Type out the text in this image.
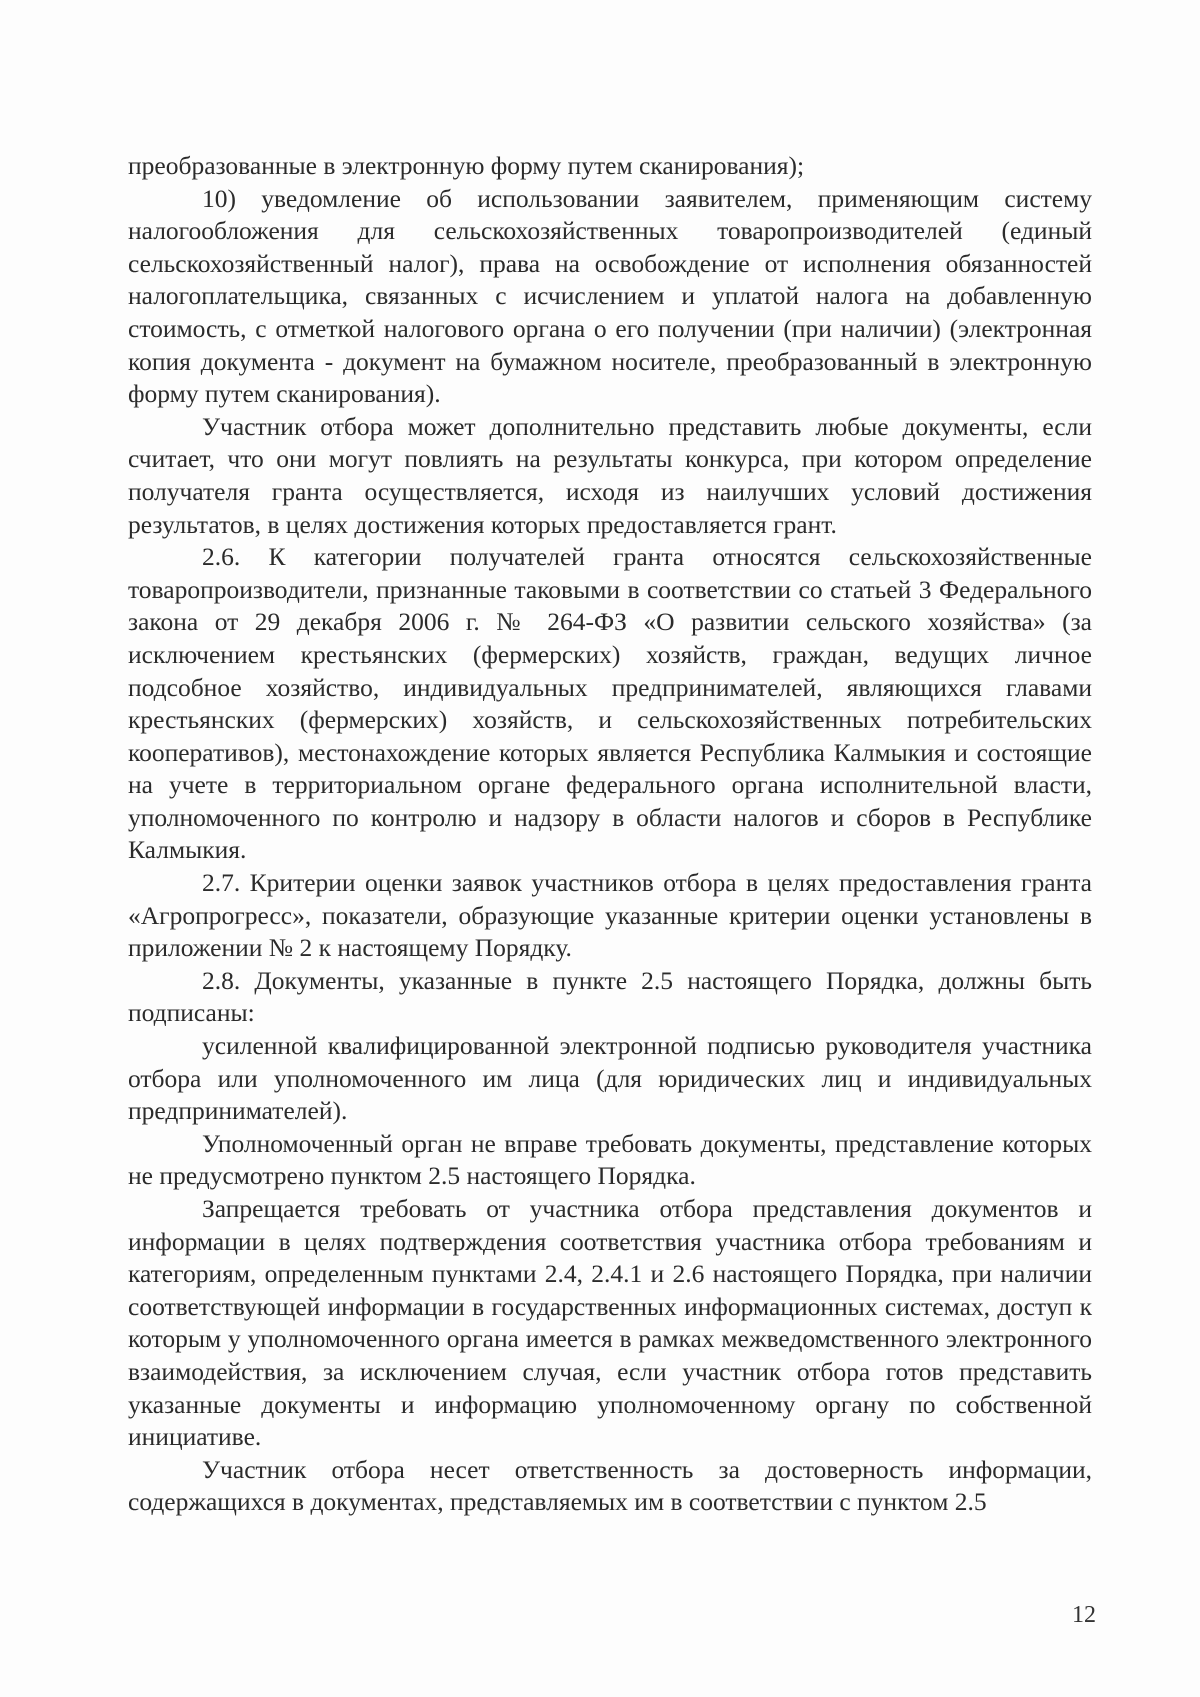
преобразованные в электронную форму путем сканирования);

10) уведомление об использовании заявителем, применяющим систему налогообложения для сельскохозяйственных товаропроизводителей (единый сельскохозяйственный налог), права на освобождение от исполнения обязанностей налогоплательщика, связанных с исчислением и уплатой налога на добавленную стоимость, с отметкой налогового органа о его получении (при наличии) (электронная копия документа - документ на бумажном носителе, преобразованный в электронную форму путем сканирования).

Участник отбора может дополнительно представить любые документы, если считает, что они могут повлиять на результаты конкурса, при котором определение получателя гранта осуществляется, исходя из наилучших условий достижения результатов, в целях достижения которых предоставляется грант.

2.6. К категории получателей гранта относятся сельскохозяйственные товаропроизводители, признанные таковыми в соответствии со статьей 3 Федерального закона от 29 декабря 2006 г. № 264-ФЗ «О развитии сельского хозяйства» (за исключением крестьянских (фермерских) хозяйств, граждан, ведущих личное подсобное хозяйство, индивидуальных предпринимателей, являющихся главами крестьянских (фермерских) хозяйств, и сельскохозяйственных потребительских кооперативов), местонахождение которых является Республика Калмыкия и состоящие на учете в территориальном органе федерального органа исполнительной власти, уполномоченного по контролю и надзору в области налогов и сборов в Республике Калмыкия.

2.7. Критерии оценки заявок участников отбора в целях предоставления гранта «Агропрогресс», показатели, образующие указанные критерии оценки установлены в приложении № 2 к настоящему Порядку.

2.8. Документы, указанные в пункте 2.5 настоящего Порядка, должны быть подписаны:

усиленной квалифицированной электронной подписью руководителя участника отбора или уполномоченного им лица (для юридических лиц и индивидуальных предпринимателей).

Уполномоченный орган не вправе требовать документы, представление которых не предусмотрено пунктом 2.5 настоящего Порядка.

Запрещается требовать от участника отбора представления документов и информации в целях подтверждения соответствия участника отбора требованиям и категориям, определенным пунктами 2.4, 2.4.1 и 2.6 настоящего Порядка, при наличии соответствующей информации в государственных информационных системах, доступ к которым у уполномоченного органа имеется в рамках межведомственного электронного взаимодействия, за исключением случая, если участник отбора готов представить указанные документы и информацию уполномоченному органу по собственной инициативе.

Участник отбора несет ответственность за достоверность информации, содержащихся в документах, представляемых им в соответствии с пунктом 2.5

12
